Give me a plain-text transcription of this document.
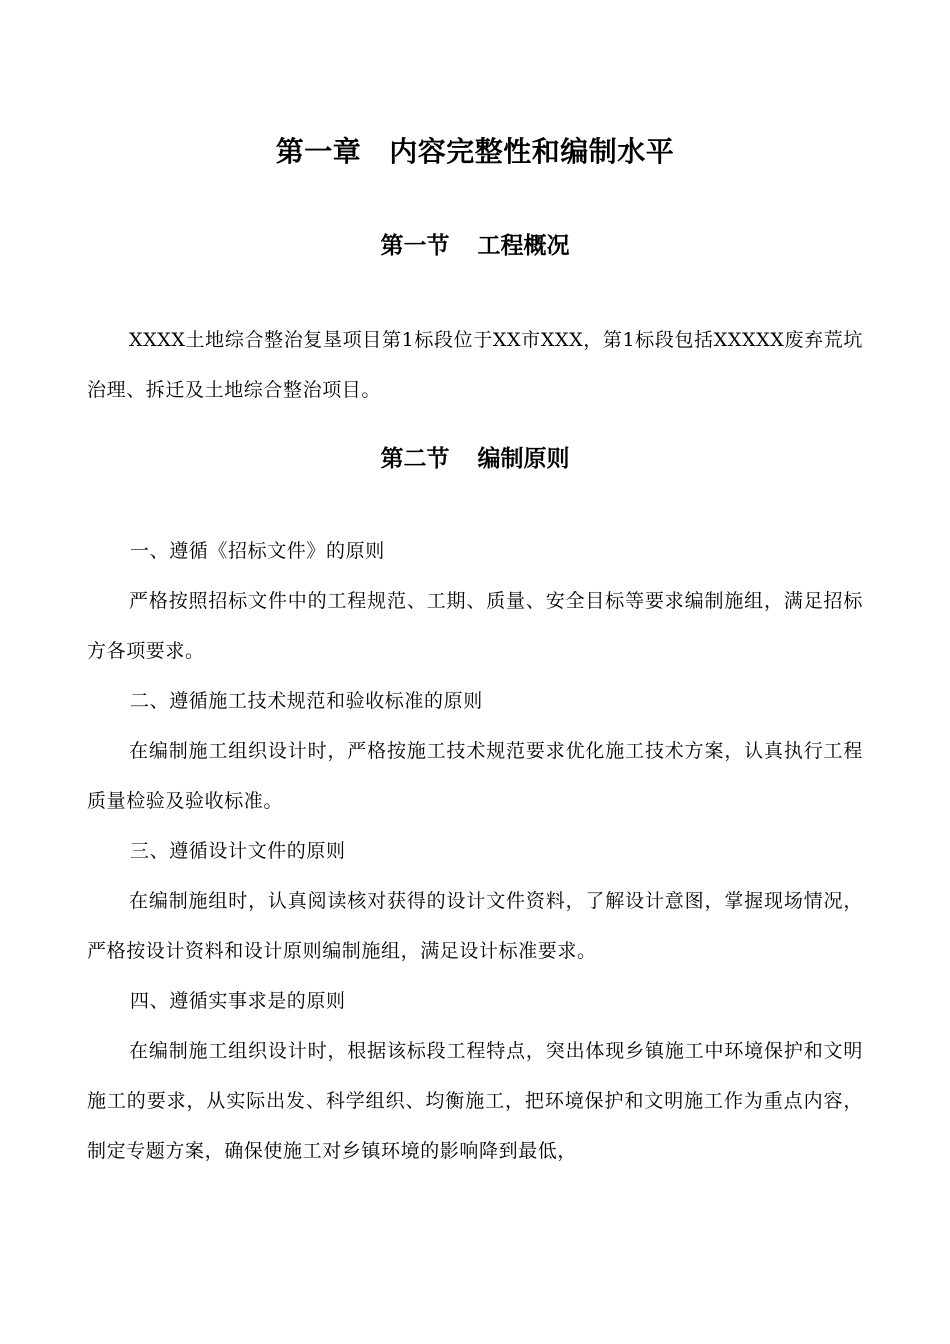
第一章 内容完整性和编制水平
第一节 工程概况
XXXX土地综合整治复垦项目第1标段位于XX市XXX，第1标段包括XXXXX废弃荒坑治理、拆迁及土地综合整治项目。
第二节 编制原则
一、遵循《招标文件》的原则
严格按照招标文件中的工程规范、工期、质量、安全目标等要求编制施组，满足招标方各项要求。
二、遵循施工技术规范和验收标准的原则
在编制施工组织设计时，严格按施工技术规范要求优化施工技术方案，认真执行工程质量检验及验收标准。
三、遵循设计文件的原则
在编制施组时，认真阅读核对获得的设计文件资料，了解设计意图，掌握现场情况，严格按设计资料和设计原则编制施组，满足设计标准要求。
四、遵循实事求是的原则
在编制施工组织设计时，根据该标段工程特点，突出体现乡镇施工中环境保护和文明施工的要求，从实际出发、科学组织、均衡施工，把环境保护和文明施工作为重点内容，制定专题方案，确保使施工对乡镇环境的影响降到最低，
